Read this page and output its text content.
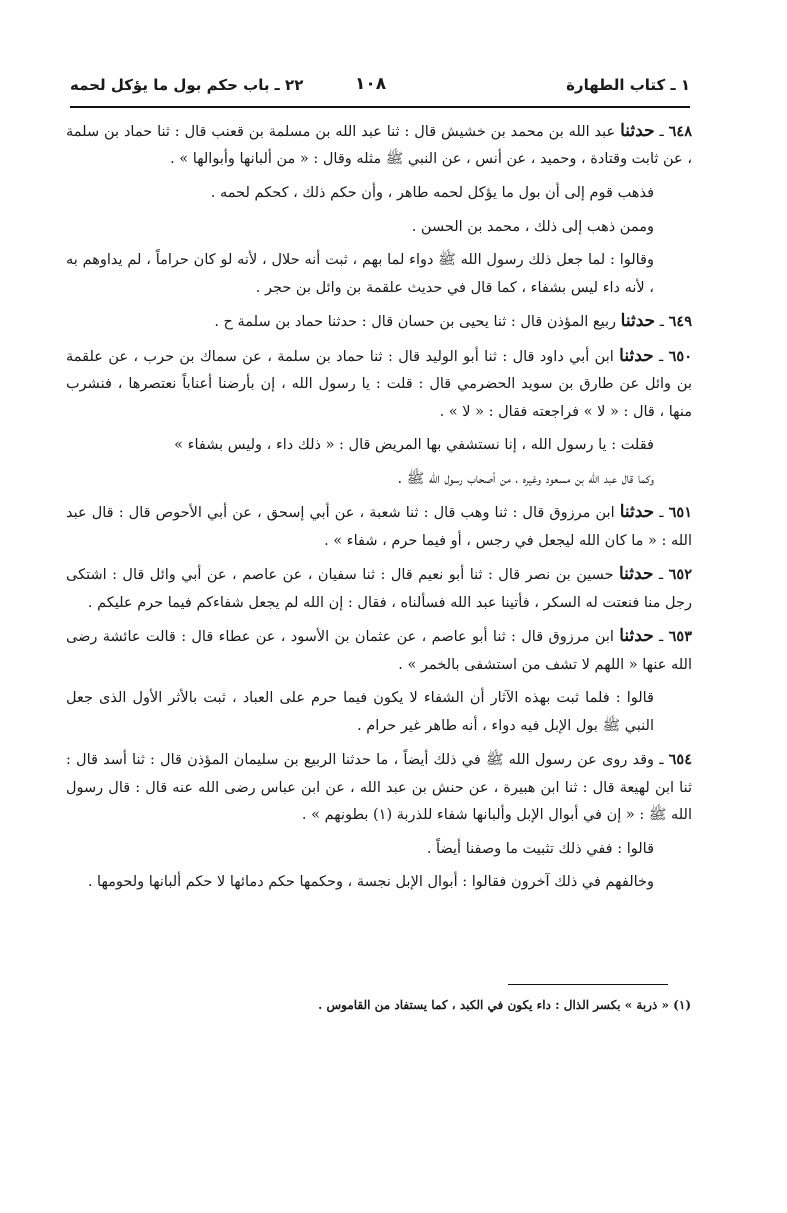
١ ـ كتاب الطهارة
١٠٨
٢٢ ـ باب حكم بول ما يؤكل لحمه

٦٤٨ ـ حدثنا عبد الله بن محمد بن خشيش قال : ثنا عبد الله بن مسلمة بن قعنب قال : ثنا حماد بن سلمة ، عن ثابت وقتادة ، وحميد ، عن أنس ، عن النبي ﷺ مثله وقال : « من ألبانها وأبوالها » .

فذهب قوم إلى أن بول ما يؤكل لحمه طاهر ، وأن حكم ذلك ، كحكم لحمه .

وممن ذهب إلى ذلك ، محمد بن الحسن .

وقالوا : لما جعل ذلك رسول الله ﷺ دواء لما بهم ، ثبت أنه حلال ، لأنه لو كان حراماً ، لم يداوهم به ، لأنه داء ليس بشفاء ، كما قال في حديث علقمة بن وائل بن حجر .

٦٤٩ ـ حدثنا ربيع المؤذن قال : ثنا يحيى بن حسان قال : حدثنا حماد بن سلمة ح .

٦٥٠ ـ حدثنا ابن أبي داود قال : ثنا أبو الوليد قال : ثنا حماد بن سلمة ، عن سماك بن حرب ، عن علقمة بن وائل عن طارق بن سويد الحضرمي قال : قلت : يا رسول الله ، إن بأرضنا أعناباً نعتصرها ، فنشرب منها ، قال : « لا » فراجعته فقال : « لا » .

فقلت : يا رسول الله ، إنا نستشفي بها المريض قال : « ذلك داء ، وليس بشفاء »

وكما قال عبد الله بن مسعود وغيره ، من أصحاب رسول الله ﷺ .

٦٥١ ـ حدثنا ابن مرزوق قال : ثنا وهب قال : ثنا شعبة ، عن أبي إسحق ، عن أبي الأحوص قال : قال عبد الله : « ما كان الله ليجعل في رجس ، أو فيما حرم ، شفاء » .

٦٥٢ ـ حدثنا حسين بن نصر قال : ثنا أبو نعيم قال : ثنا سفيان ، عن عاصم ، عن أبي وائل قال : اشتكى رجل منا فنعتت له السكر ، فأتينا عبد الله فسألناه ، فقال : إن الله لم يجعل شفاءكم فيما حرم عليكم .

٦٥٣ ـ حدثنا ابن مرزوق قال : ثنا أبو عاصم ، عن عثمان بن الأسود ، عن عطاء قال : قالت عائشة رضى الله عنها « اللهم لا تشف من استشفى بالخمر » .

قالوا : فلما ثبت بهذه الآثار أن الشفاء لا يكون فيما حرم على العباد ، ثبت بالأثر الأول الذى جعل النبي ﷺ بول الإبل فيه دواء ، أنه طاهر غير حرام .

٦٥٤ ـ وقد روى عن رسول الله ﷺ في ذلك أيضاً ، ما حدثنا الربيع بن سليمان المؤذن قال : ثنا أسد قال : ثنا ابن لهيعة قال : ثنا ابن هبيرة ، عن حنش بن عبد الله ، عن ابن عباس رضى الله عنه قال : قال رسول الله ﷺ : « إن في أبوال الإبل وألبانها شفاء للذربة (١) بطونهم » .

قالوا : ففي ذلك تثبيت ما وصفنا أيضاً .

وخالفهم في ذلك آخرون فقالوا : أبوال الإبل نجسة ، وحكمها حكم دمائها لا حكم ألبانها ولحومها .

(١) « ذربة » بكسر الذال : داء يكون في الكبد ، كما يستفاد من القاموس .
